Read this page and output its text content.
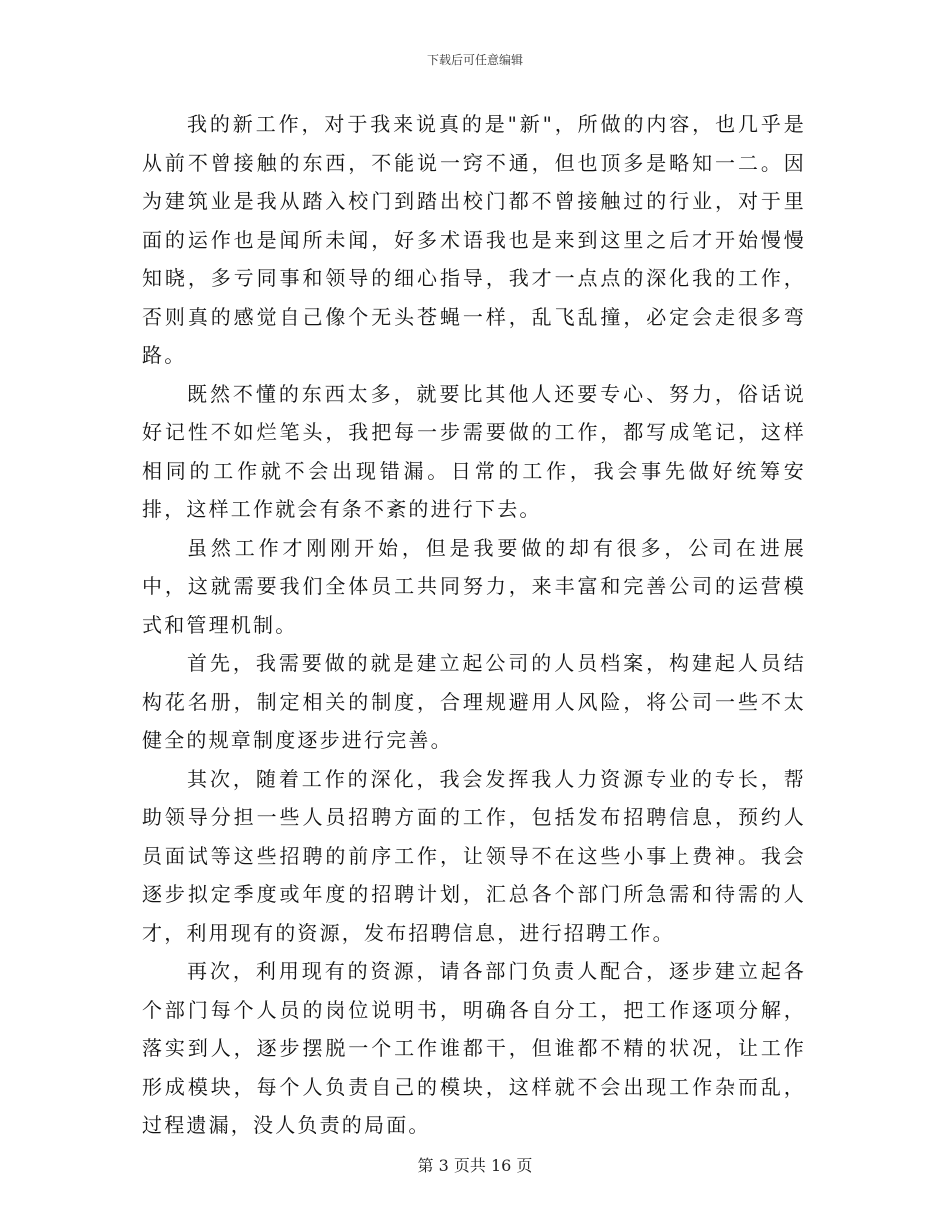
下载后可任意编辑

我的新工作，对于我来说真的是"新"，所做的内容，也几乎是从前不曾接触的东西，不能说一窍不通，但也顶多是略知一二。因为建筑业是我从踏入校门到踏出校门都不曾接触过的行业，对于里面的运作也是闻所未闻，好多术语我也是来到这里之后才开始慢慢知晓，多亏同事和领导的细心指导，我才一点点的深化我的工作，否则真的感觉自己像个无头苍蝇一样，乱飞乱撞，必定会走很多弯路。

既然不懂的东西太多，就要比其他人还要专心、努力，俗话说好记性不如烂笔头，我把每一步需要做的工作，都写成笔记，这样相同的工作就不会出现错漏。日常的工作，我会事先做好统筹安排，这样工作就会有条不紊的进行下去。

虽然工作才刚刚开始，但是我要做的却有很多，公司在进展中，这就需要我们全体员工共同努力，来丰富和完善公司的运营模式和管理机制。

首先，我需要做的就是建立起公司的人员档案，构建起人员结构花名册，制定相关的制度，合理规避用人风险，将公司一些不太健全的规章制度逐步进行完善。

其次，随着工作的深化，我会发挥我人力资源专业的专长，帮助领导分担一些人员招聘方面的工作，包括发布招聘信息，预约人员面试等这些招聘的前序工作，让领导不在这些小事上费神。我会逐步拟定季度或年度的招聘计划，汇总各个部门所急需和待需的人才，利用现有的资源，发布招聘信息，进行招聘工作。

再次，利用现有的资源，请各部门负责人配合，逐步建立起各个部门每个人员的岗位说明书，明确各自分工，把工作逐项分解，落实到人，逐步摆脱一个工作谁都干，但谁都不精的状况，让工作形成模块，每个人负责自己的模块，这样就不会出现工作杂而乱，过程遗漏，没人负责的局面。

第 3 页共 16 页
